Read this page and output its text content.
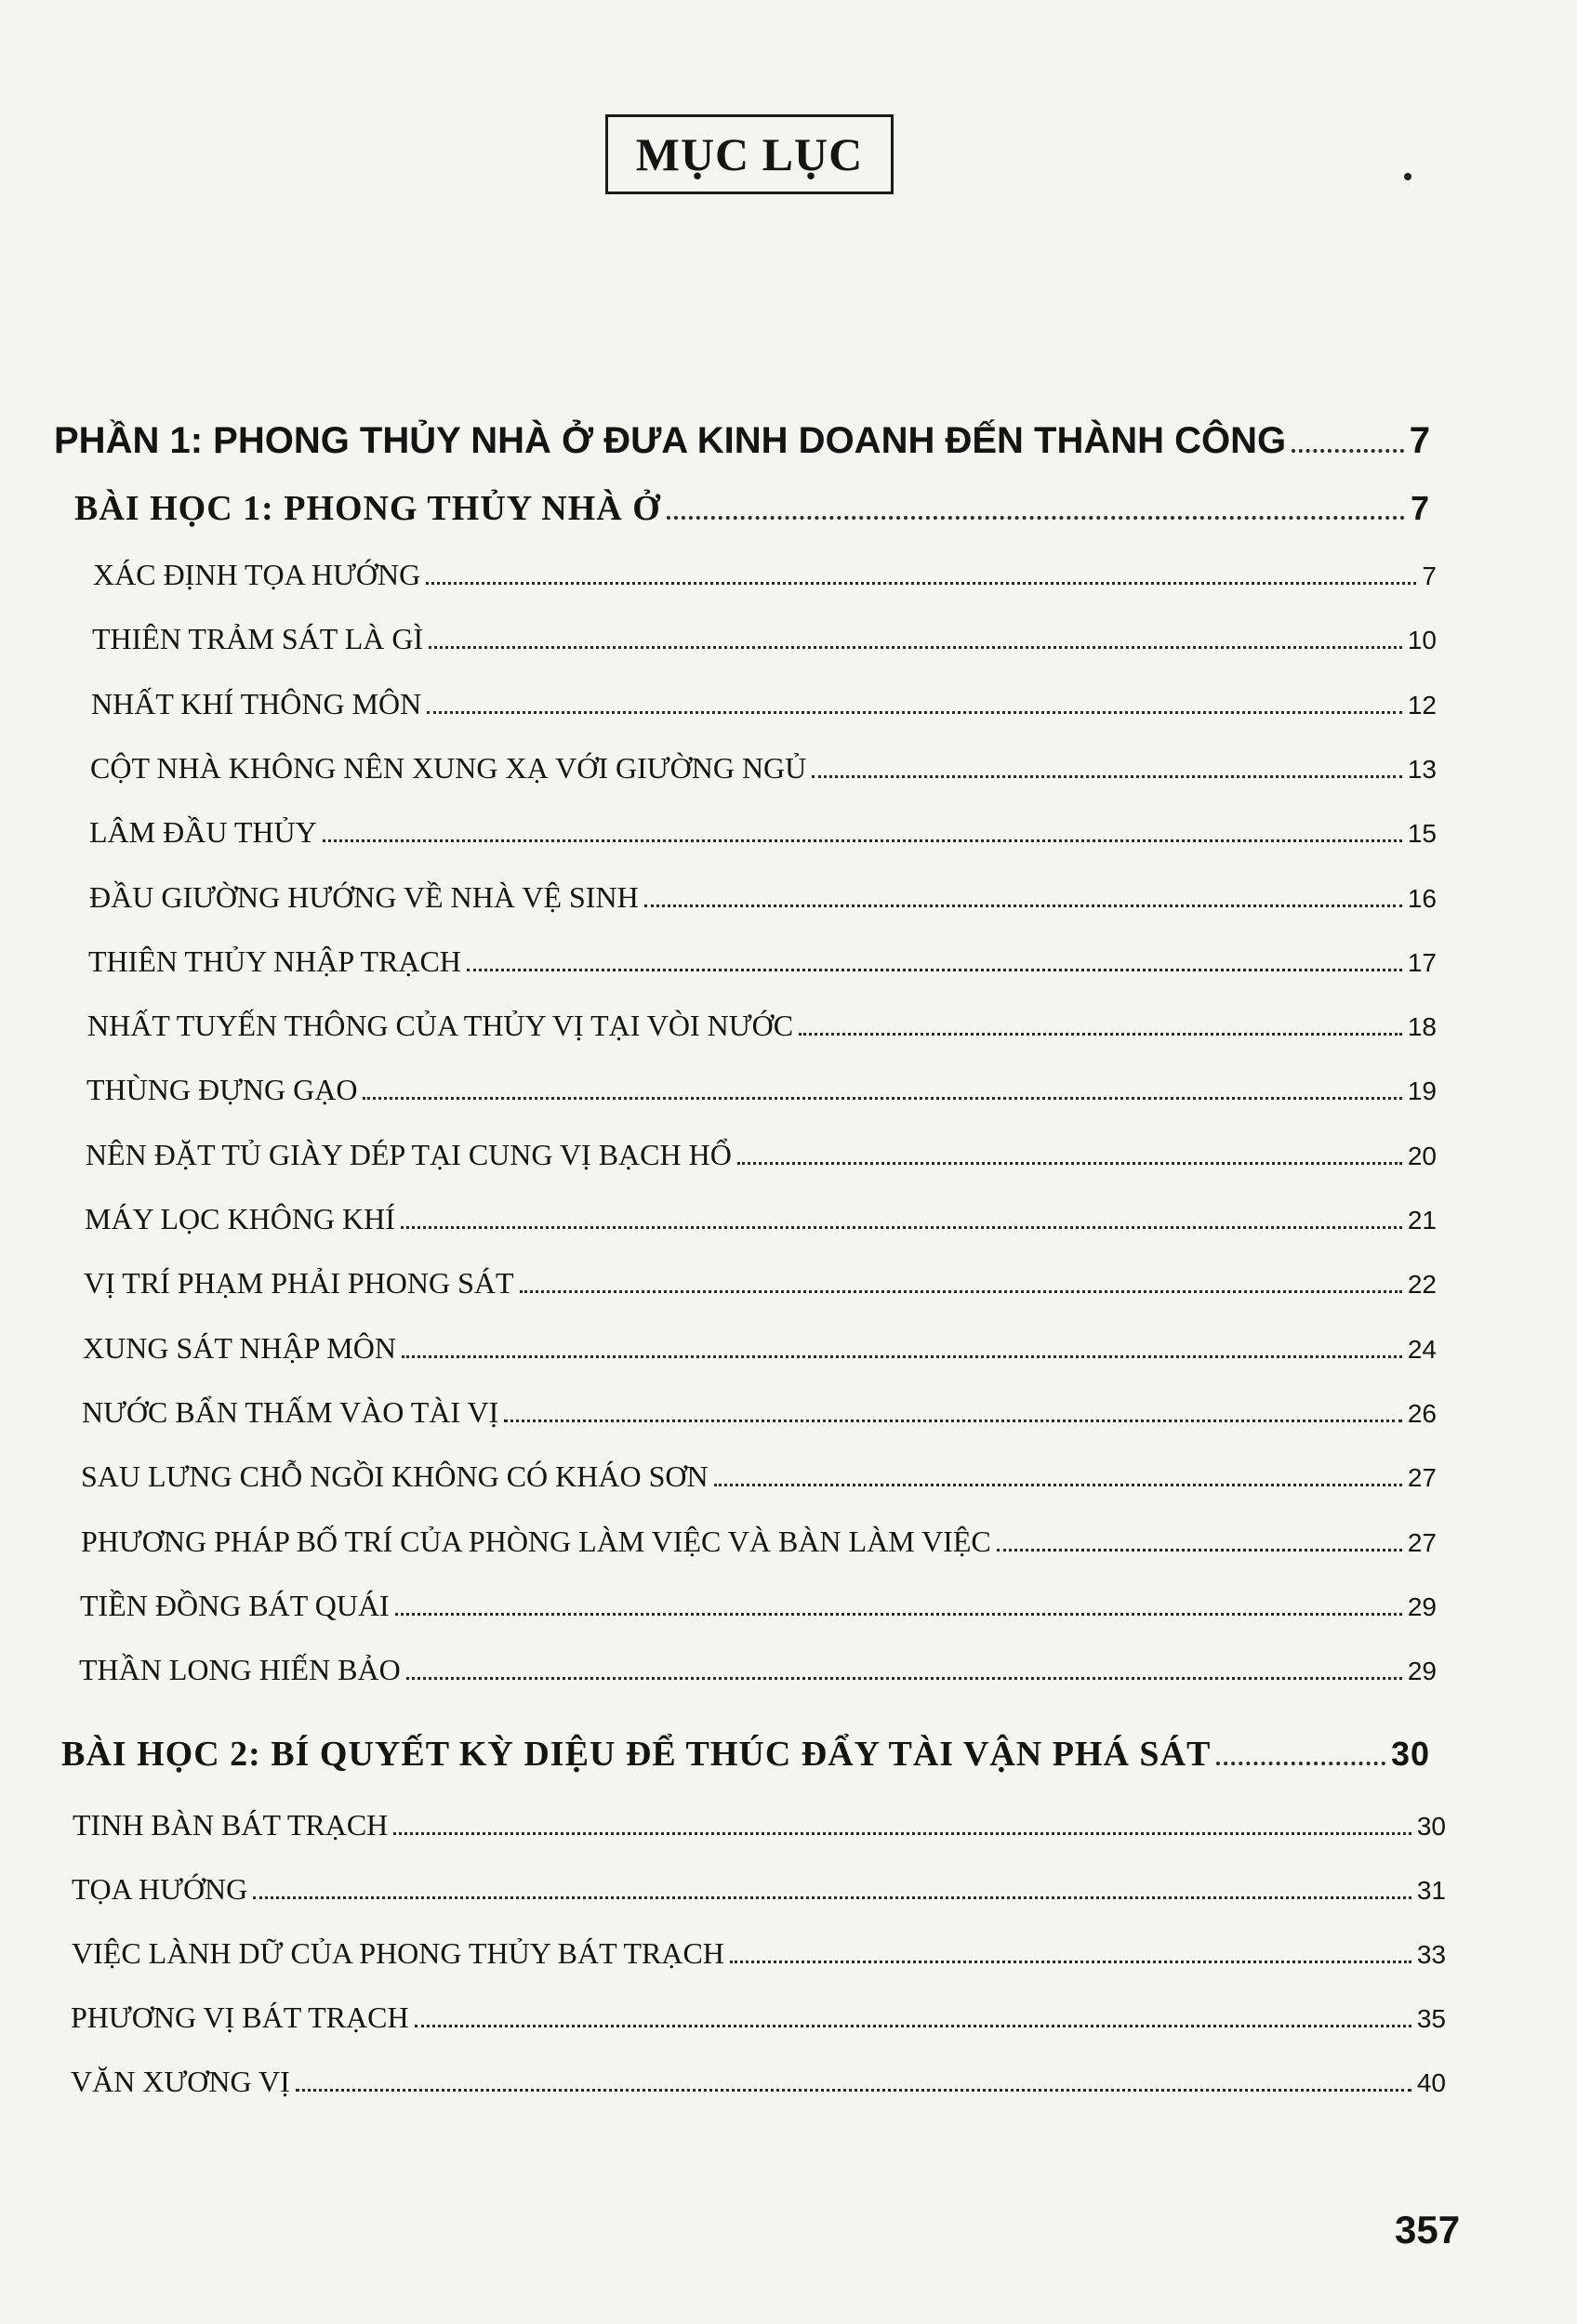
MỤC LỤC
PHẦN 1: PHONG THỦY NHÀ Ở ĐƯA KINH DOANH ĐẾN THÀNH CÔNG	7
BÀI HỌC 1: PHONG THỦY NHÀ Ở	7
XÁC ĐỊNH TỌA HƯỚNG	7
THIÊN TRẢM SÁT LÀ GÌ	10
NHẤT KHÍ THÔNG MÔN	12
CỘT NHÀ KHÔNG NÊN XUNG XẠ VỚI GIƯỜNG NGỦ	13
LÂM ĐẦU THỦY	15
ĐẦU GIƯỜNG HƯỚNG VỀ NHÀ VỆ SINH	16
THIÊN THỦY NHẬP TRẠCH	17
NHẤT TUYẾN THÔNG CỦA THỦY VỊ TẠI VÒI NƯỚC	18
THÙNG ĐỰNG GẠO	19
NÊN ĐẶT TỦ GIÀY DÉP TẠI CUNG VỊ BẠCH HỔ	20
MÁY LỌC KHÔNG KHÍ	21
VỊ TRÍ PHẠM PHẢI PHONG SÁT	22
XUNG SÁT NHẬP MÔN	24
NƯỚC BẨN THẤM VÀO TÀI VỊ	26
SAU LƯNG CHỖ NGỒI KHÔNG CÓ KHÁO SƠN	27
PHƯƠNG PHÁP BỐ TRÍ CỦA PHÒNG LÀM VIỆC VÀ BÀN LÀM VIỆC	27
TIỀN ĐỒNG BÁT QUÁI	29
THẦN LONG HIẾN BẢO	29
BÀI HỌC 2: BÍ QUYẾT KỲ DIỆU ĐỂ THÚC ĐẨY TÀI VẬN PHÁ SÁT	30
TINH BÀN BÁT TRẠCH	30
TỌA HƯỚNG	31
VIỆC LÀNH DỮ CỦA PHONG THỦY BÁT TRẠCH	33
PHƯƠNG VỊ BÁT TRẠCH	35
VĂN XƯƠNG VỊ	40
357
